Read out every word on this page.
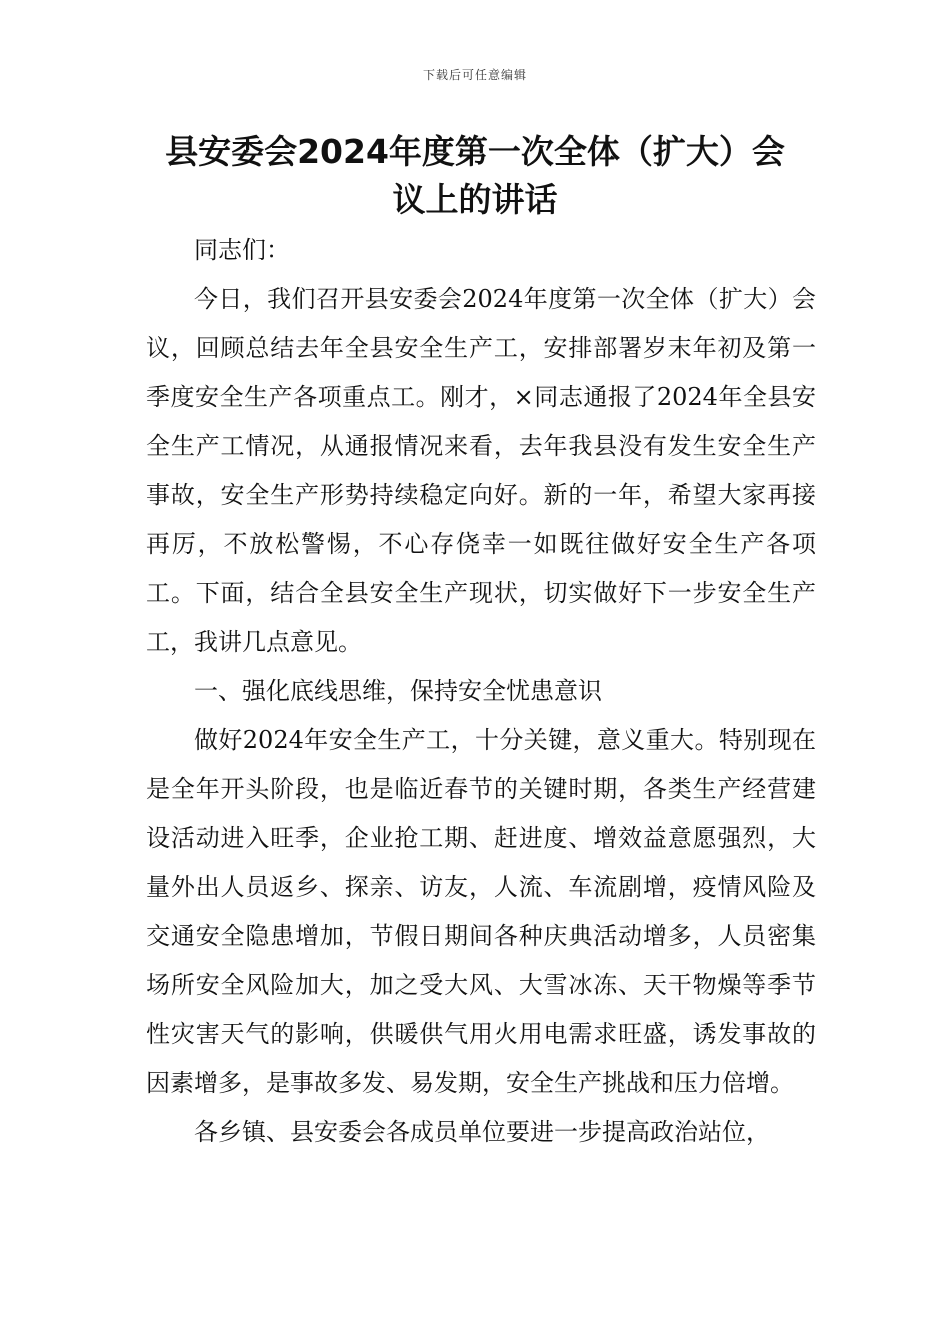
下载后可任意编辑
县安委会2024年度第一次全体（扩大）会
议上的讲话

同志们：

今日，我们召开县安委会2024年度第一次全体（扩大）会议，回顾总结去年全县安全生产工，安排部署岁末年初及第一季度安全生产各项重点工。刚才，×同志通报了2024年全县安全生产工情况，从通报情况来看，去年我县没有发生安全生产事故，安全生产形势持续稳定向好。新的一年，希望大家再接再厉，不放松警惕，不心存侥幸一如既往做好安全生产各项工。下面，结合全县安全生产现状，切实做好下一步安全生产工，我讲几点意见。

一、强化底线思维，保持安全忧患意识

做好2024年安全生产工，十分关键，意义重大。特别现在是全年开头阶段，也是临近春节的关键时期，各类生产经营建设活动进入旺季，企业抢工期、赶进度、增效益意愿强烈，大量外出人员返乡、探亲、访友，人流、车流剧增，疫情风险及交通安全隐患增加，节假日期间各种庆典活动增多，人员密集场所安全风险加大，加之受大风、大雪冰冻、天干物燥等季节性灾害天气的影响，供暖供气用火用电需求旺盛，诱发事故的因素增多，是事故多发、易发期，安全生产挑战和压力倍增。

各乡镇、县安委会各成员单位要进一步提高政治站位，
